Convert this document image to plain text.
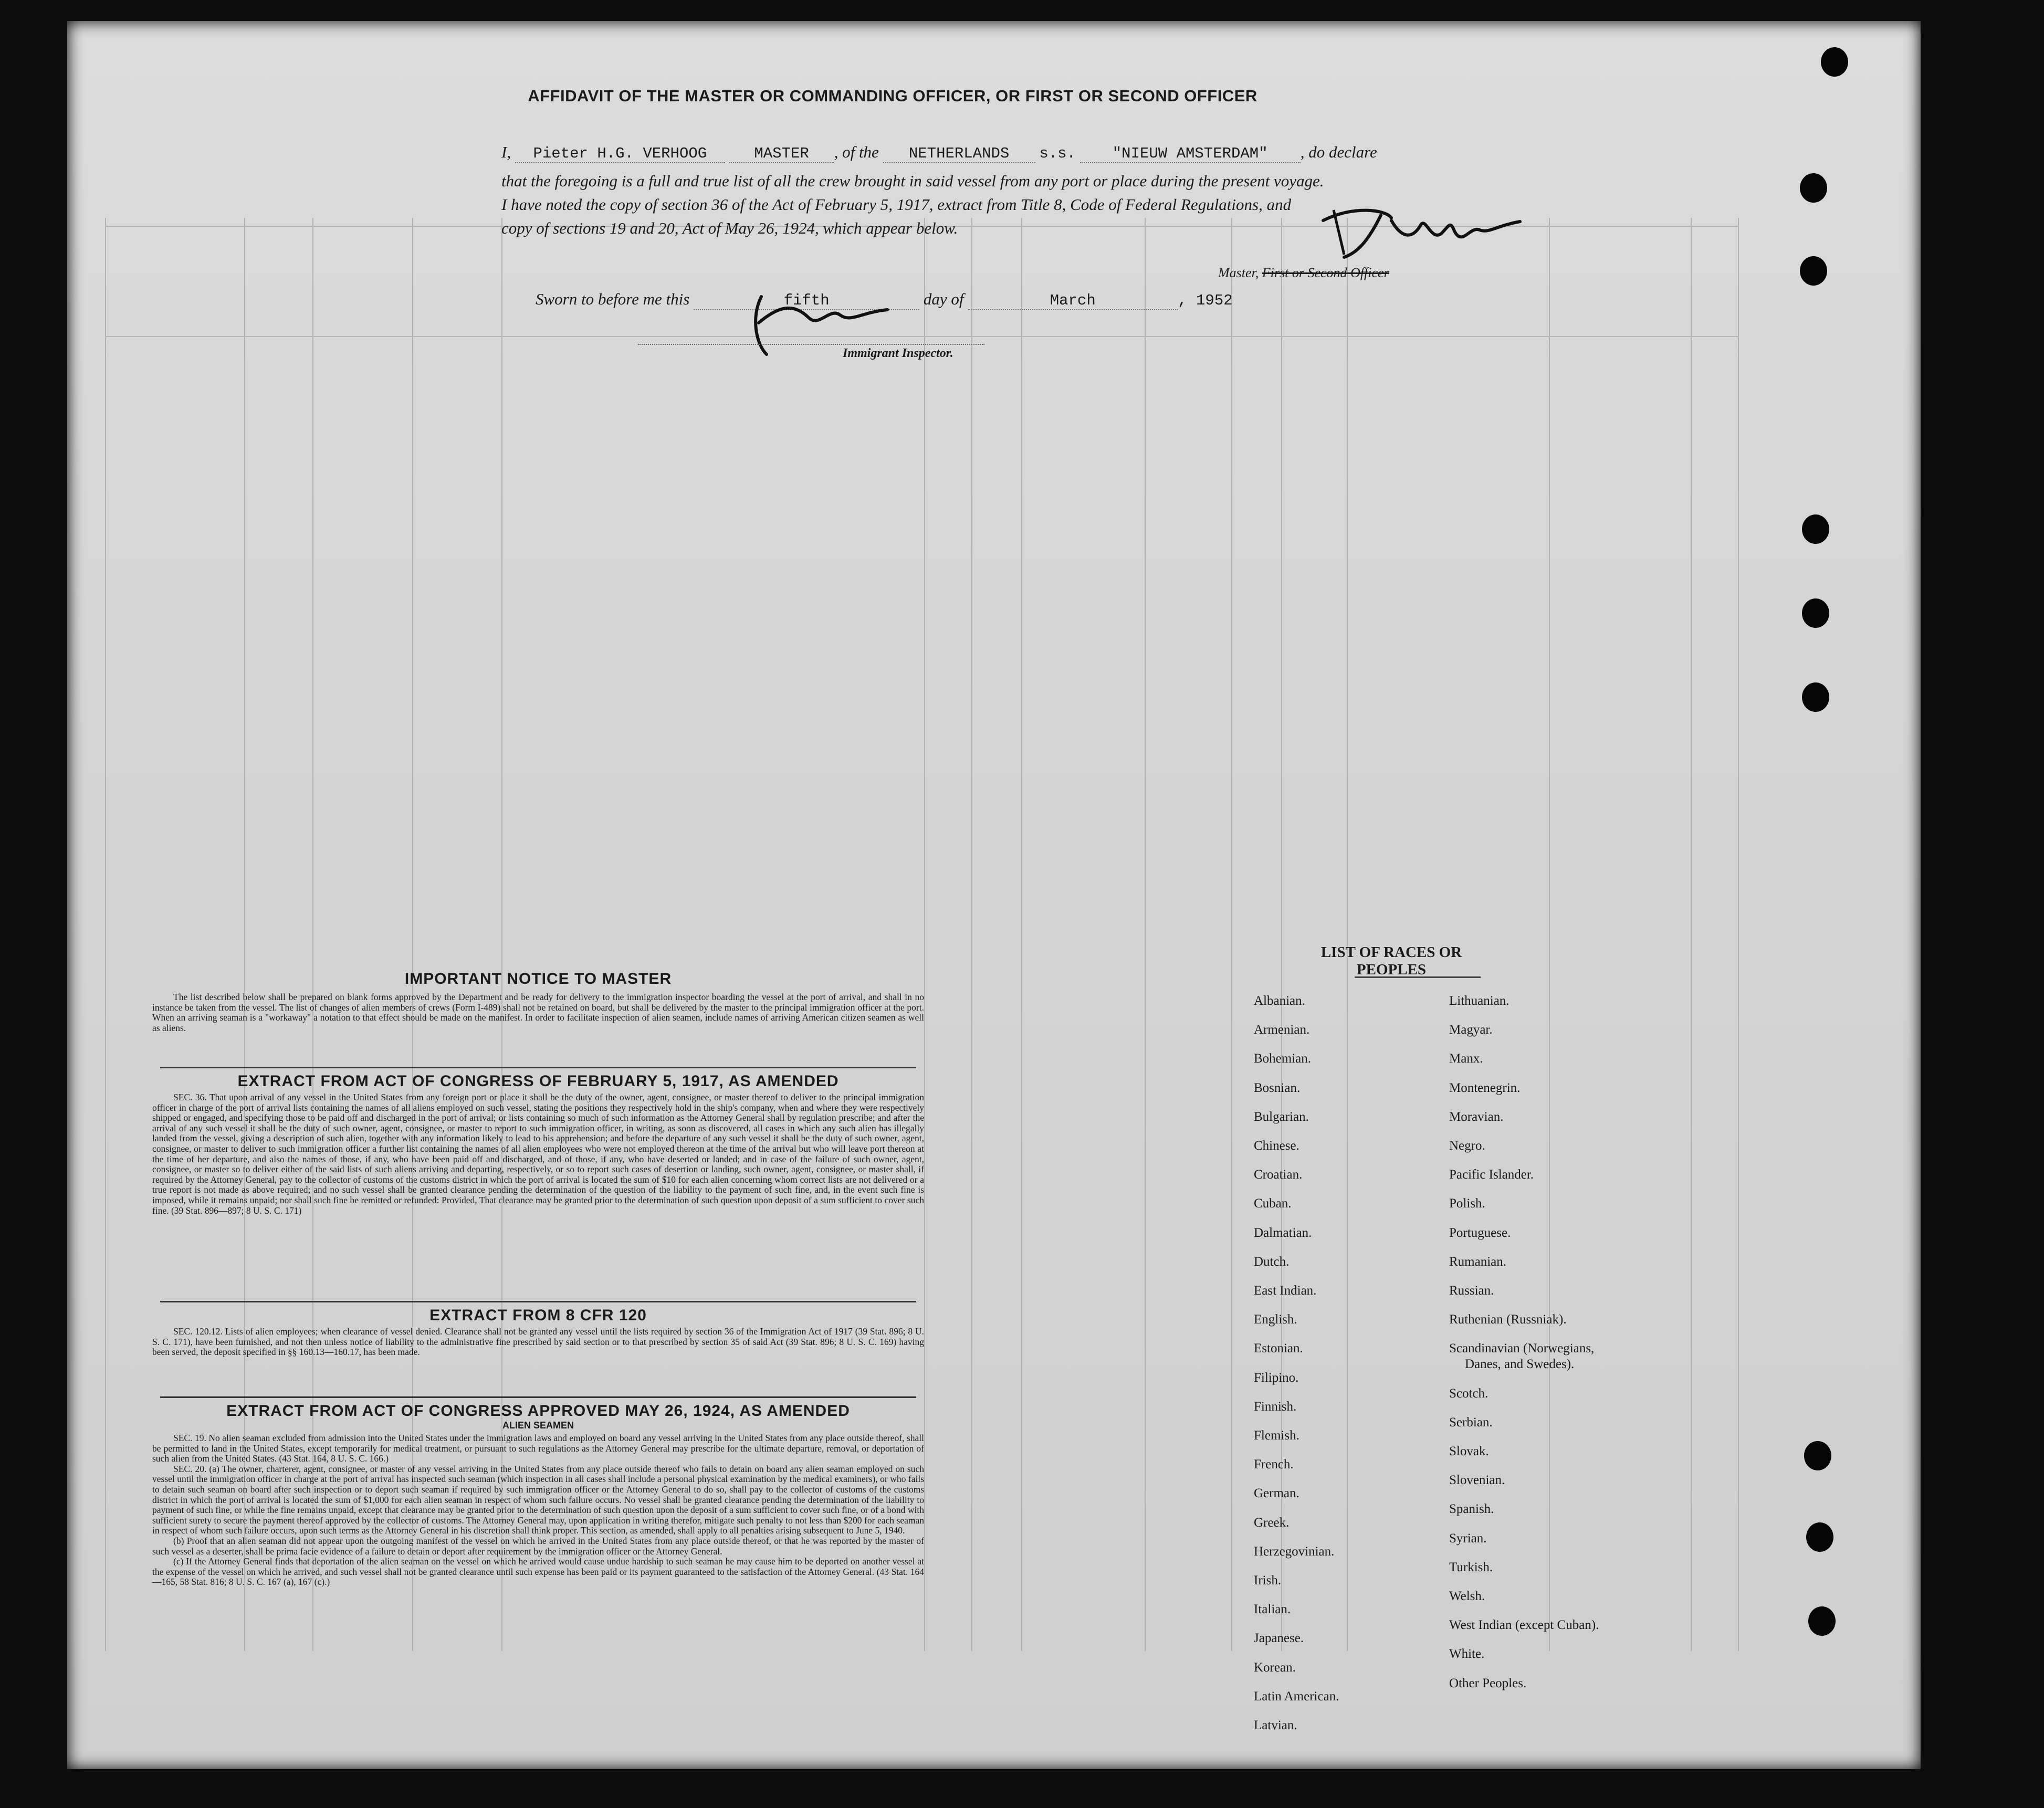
AFFIDAVIT OF THE MASTER OR COMMANDING OFFICER, OR FIRST OR SECOND OFFICER
I, Pieter H.G. VERHOOG	MASTER , of the NETHERLANDS s.s. "NIEUW AMSTERDAM" , do declare
that the foregoing is a full and true list of all the crew brought in said vessel from any port or place during the present voyage.
I have noted the copy of section 36 of the Act of February 5, 1917, extract from Title 8, Code of Federal Regulations, and
copy of sections 19 and 20, Act of May 26, 1924, which appear below.
Master, First or Second Officer
Sworn to before me this	fifth	day of	March	, 1952
Immigrant Inspector.
IMPORTANT NOTICE TO MASTER

The list described below shall be prepared on blank forms approved by the Department and be ready for delivery to the immigration inspector boarding the vessel at the port of arrival, and shall in no instance be taken from the vessel. The list of changes of alien members of crews (Form I-489) shall not be retained on board, but shall be delivered by the master to the principal immigration officer at the port. When an arriving seaman is a "workaway" a notation to that effect should be made on the manifest. In order to facilitate inspection of alien seamen, include names of arriving American citizen seamen as well as aliens.

EXTRACT FROM ACT OF CONGRESS OF FEBRUARY 5, 1917, AS AMENDED

SEC. 36. That upon arrival of any vessel in the United States from any foreign port or place it shall be the duty of the owner, agent, consignee, or master thereof to deliver to the principal immigration officer in charge of the port of arrival lists containing the names of all aliens employed on such vessel, stating the positions they respectively hold in the ship's company, when and where they were respectively shipped or engaged, and specifying those to be paid off and discharged in the port of arrival; or lists containing so much of such information as the Attorney General shall by regulation prescribe; and after the arrival of any such vessel it shall be the duty of such owner, agent, consignee, or master to report to such immigration officer, in writing, as soon as discovered, all cases in which any such alien has illegally landed from the vessel, giving a description of such alien, together with any information likely to lead to his apprehension; and before the departure of any such vessel it shall be the duty of such owner, agent, consignee, or master to deliver to such immigration officer a further list containing the names of all alien employees who were not employed thereon at the time of the arrival but who will leave port thereon at the time of her departure, and also the names of those, if any, who have been paid off and discharged, and of those, if any, who have deserted or landed; and in case of the failure of such owner, agent, consignee, or master so to deliver either of the said lists of such aliens arriving and departing, respectively, or so to report such cases of desertion or landing, such owner, agent, consignee, or master shall, if required by the Attorney General, pay to the collector of customs of the customs district in which the port of arrival is located the sum of $10 for each alien concerning whom correct lists are not delivered or a true report is not made as above required; and no such vessel shall be granted clearance pending the determination of the question of the liability to the payment of such fine, and, in the event such fine is imposed, while it remains unpaid; nor shall such fine be remitted or refunded: Provided, That clearance may be granted prior to the determination of such question upon deposit of a sum sufficient to cover such fine. (39 Stat. 896—897; 8 U. S. C. 171)

EXTRACT FROM 8 CFR 120

SEC. 120.12. Lists of alien employees; when clearance of vessel denied. Clearance shall not be granted any vessel until the lists required by section 36 of the Immigration Act of 1917 (39 Stat. 896; 8 U. S. C. 171), have been furnished, and not then unless notice of liability to the administrative fine prescribed by said section or to that prescribed by section 35 of said Act (39 Stat. 896; 8 U. S. C. 169) having been served, the deposit specified in §§ 160.13—160.17, has been made.

EXTRACT FROM ACT OF CONGRESS APPROVED MAY 26, 1924, AS AMENDED
ALIEN SEAMEN

SEC. 19. No alien seaman excluded from admission into the United States under the immigration laws and employed on board any vessel arriving in the United States from any place outside thereof, shall be permitted to land in the United States, except temporarily for medical treatment, or pursuant to such regulations as the Attorney General may prescribe for the ultimate departure, removal, or deportation of such alien from the United States. (43 Stat. 164, 8 U. S. C. 166.)

SEC. 20. (a) The owner, charterer, agent, consignee, or master of any vessel arriving in the United States from any place outside thereof who fails to detain on board any alien seaman employed on such vessel until the immigration officer in charge at the port of arrival has inspected such seaman (which inspection in all cases shall include a personal physical examination by the medical examiners), or who fails to detain such seaman on board after such inspection or to deport such seaman if required by such immigration officer or the Attorney General to do so, shall pay to the collector of customs of the customs district in which the port of arrival is located the sum of $1,000 for each alien seaman in respect of whom such failure occurs. No vessel shall be granted clearance pending the determination of the liability to payment of such fine, or while the fine remains unpaid, except that clearance may be granted prior to the determination of such question upon the deposit of a sum sufficient to cover such fine, or of a bond with sufficient surety to secure the payment thereof approved by the collector of customs. The Attorney General may, upon application in writing therefor, mitigate such penalty to not less than $200 for each seaman in respect of whom such failure occurs, upon such terms as the Attorney General in his discretion shall think proper. This section, as amended, shall apply to all penalties arising subsequent to June 5, 1940.

(b) Proof that an alien seaman did not appear upon the outgoing manifest of the vessel on which he arrived in the United States from any place outside thereof, or that he was reported by the master of such vessel as a deserter, shall be prima facie evidence of a failure to detain or deport after requirement by the immigration officer or the Attorney General.

(c) If the Attorney General finds that deportation of the alien seaman on the vessel on which he arrived would cause undue hardship to such seaman he may cause him to be deported on another vessel at the expense of the vessel on which he arrived, and such vessel shall not be granted clearance until such expense has been paid or its payment guaranteed to the satisfaction of the Attorney General. (43 Stat. 164—165, 58 Stat. 816; 8 U. S. C. 167 (a), 167 (c).)

LIST OF RACES OR PEOPLES
Albanian.
Armenian.
Bohemian.
Bosnian.
Bulgarian.
Chinese.
Croatian.
Cuban.
Dalmatian.
Dutch.
East Indian.
English.
Estonian.
Filipino.
Finnish.
Flemish.
French.
German.
Greek.
Herzegovinian.
Irish.
Italian.
Japanese.
Korean.
Latin American.
Latvian.
Lithuanian.
Magyar.
Manx.
Montenegrin.
Moravian.
Negro.
Pacific Islander.
Polish.
Portuguese.
Rumanian.
Russian.
Ruthenian (Russniak).
Scandinavian (Norwegians,
Danes, and Swedes).
Scotch.
Serbian.
Slovak.
Slovenian.
Spanish.
Syrian.
Turkish.
Welsh.
West Indian (except Cuban).
White.
Other Peoples.
